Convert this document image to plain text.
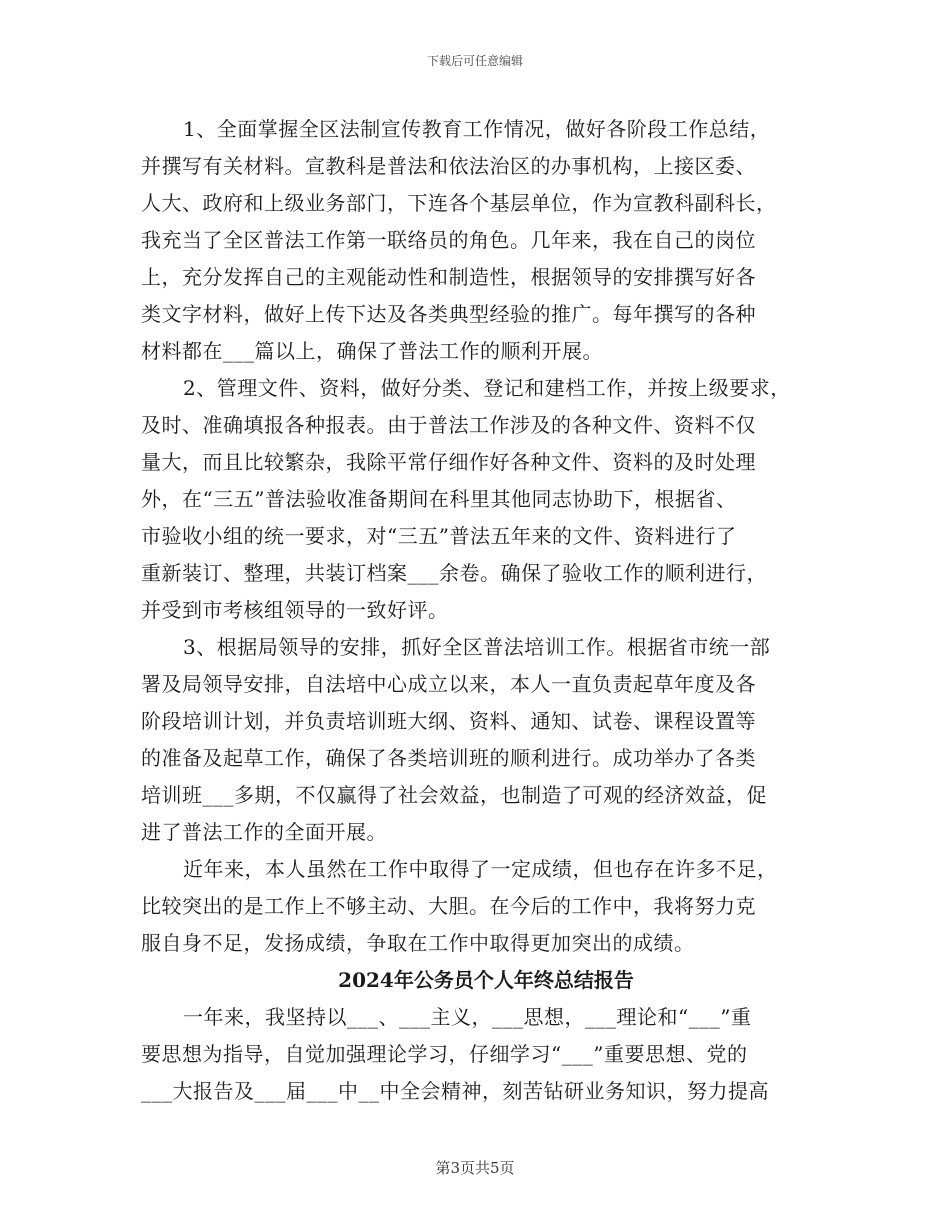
下载后可任意编辑
1、全面掌握全区法制宣传教育工作情况，做好各阶段工作总结，
并撰写有关材料。宣教科是普法和依法治区的办事机构，上接区委、
人大、政府和上级业务部门，下连各个基层单位，作为宣教科副科长，
我充当了全区普法工作第一联络员的角色。几年来，我在自己的岗位
上，充分发挥自己的主观能动性和制造性，根据领导的安排撰写好各
类文字材料，做好上传下达及各类典型经验的推广。每年撰写的各种
材料都在___篇以上，确保了普法工作的顺利开展。
2、管理文件、资料，做好分类、登记和建档工作，并按上级要求，
及时、准确填报各种报表。由于普法工作涉及的各种文件、资料不仅
量大，而且比较繁杂，我除平常仔细作好各种文件、资料的及时处理
外，在“三五”普法验收准备期间在科里其他同志协助下，根据省、
市验收小组的统一要求，对“三五”普法五年来的文件、资料进行了
重新装订、整理，共装订档案___余卷。确保了验收工作的顺利进行，
并受到市考核组领导的一致好评。
3、根据局领导的安排，抓好全区普法培训工作。根据省市统一部
署及局领导安排，自法培中心成立以来，本人一直负责起草年度及各
阶段培训计划，并负责培训班大纲、资料、通知、试卷、课程设置等
的准备及起草工作，确保了各类培训班的顺利进行。成功举办了各类
培训班___多期，不仅赢得了社会效益，也制造了可观的经济效益，促
进了普法工作的全面开展。
近年来，本人虽然在工作中取得了一定成绩，但也存在许多不足，
比较突出的是工作上不够主动、大胆。在今后的工作中，我将努力克
服自身不足，发扬成绩，争取在工作中取得更加突出的成绩。
2024年公务员个人年终总结报告
一年来，我坚持以___、___主义，___思想，___理论和“___”重
要思想为指导，自觉加强理论学习，仔细学习“___”重要思想、党的
___大报告及___届___中__中全会精神，刻苦钻研业务知识，努力提高
第3页共5页
